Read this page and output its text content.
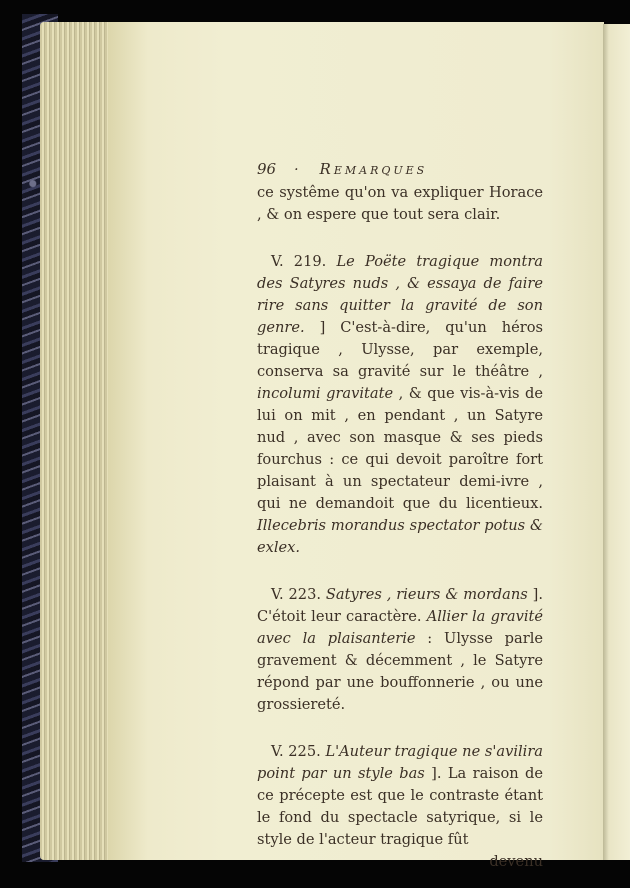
96 · Remarques

ce systême qu'on va expliquer Horace , & on espere que tout sera clair.

V. 219. Le Poëte tragique montra des Satyres nuds , & essaya de faire rire sans quitter la gravité de son genre. ] C'est-à-dire, qu'un héros tragique , Ulysse, par exemple, conserva sa gravité sur le théâtre , incolumi gravitate , & que vis-à-vis de lui on mit , en pendant , un Satyre nud , avec son masque & ses pieds fourchus : ce qui devoit paroître fort plaisant à un spectateur demi-ivre , qui ne demandoit que du licentieux. Illecebris morandus spectator potus & exlex.

V. 223. Satyres , rieurs & mordans ]. C'étoit leur caractère. Allier la gravité avec la plaisanterie : Ulysse parle gravement & décemment , le Satyre répond par une bouffonnerie , ou une grossiereté.

V. 225. L'Auteur tragique ne s'avilira point par un style bas ]. La raison de ce précepte est que le contraste étant le fond du spectacle satyrique, si le style de l'acteur tragique fût

devenu
